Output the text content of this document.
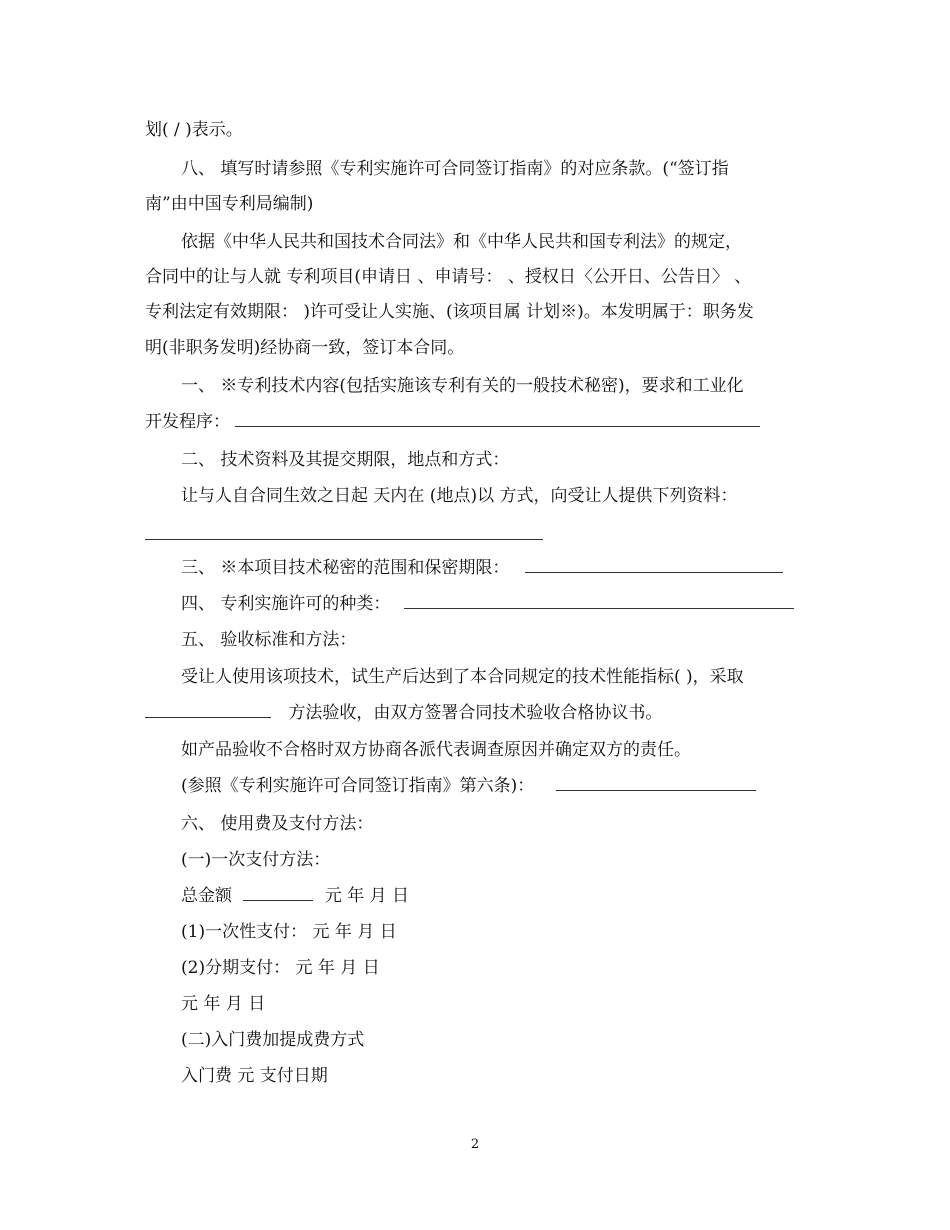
划( / )表示。
八、 填写时请参照《专利实施许可合同签订指南》的对应条款。(“签订指
南”由中国专利局编制)
依据《中华人民共和国技术合同法》和《中华人民共和国专利法》的规定，
合同中的让与人就 专利项目(申请日 、申请号： 、授权日〈公开日、公告日〉 、
专利法定有效期限： )许可受让人实施、(该项目属 计划※)。本发明属于：职务发
明(非职务发明)经协商一致，签订本合同。
一、 ※专利技术内容(包括实施该专利有关的一般技术秘密)，要求和工业化
开发程序：
二、 技术资料及其提交期限，地点和方式：
让与人自合同生效之日起 天内在 (地点)以 方式，向受让人提供下列资料：
三、 ※本项目技术秘密的范围和保密期限：
四、 专利实施许可的种类：
五、 验收标准和方法：
受让人使用该项技术，试生产后达到了本合同规定的技术性能指标( )，采取
方法验收，由双方签署合同技术验收合格协议书。
如产品验收不合格时双方协商各派代表调查原因并确定双方的责任。
(参照《专利实施许可合同签订指南》第六条)：
六、 使用费及支付方法：
(一)一次支付方法：
总金额	元 年 月 日
(1)一次性支付： 元 年 月 日
(2)分期支付： 元 年 月 日
元 年 月 日
(二)入门费加提成费方式
入门费 元 支付日期
2
